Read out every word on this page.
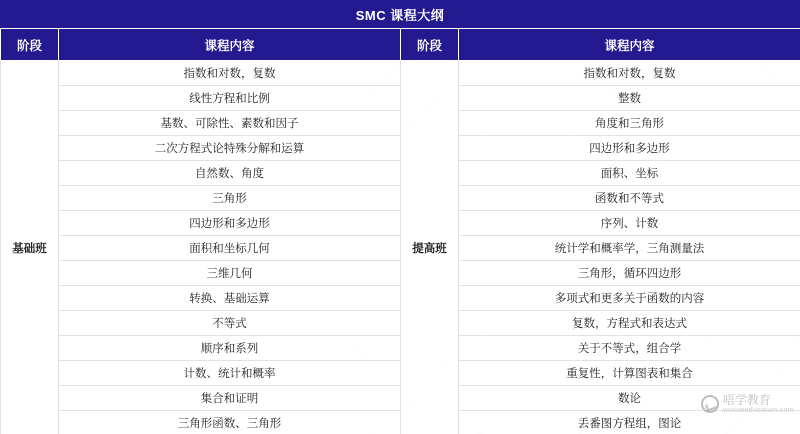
SMC 课程大纲
阶段	课程内容	阶段	课程内容
基础班	指数和对数，复数	提高班	指数和对数，复数
	线性方程和比例		整数
	基数、可除性、素数和因子		角度和三角形
	二次方程式论特殊分解和运算		四边形和多边形
	自然数、角度		面积、坐标
	三角形		函数和不等式
	四边形和多边形		序列、计数
	面积和坐标几何		统计学和概率学，三角测量法
	三维几何		三角形，循环四边形
	转换、基础运算		多项式和更多关于函数的内容
	不等式		复数，方程式和表达式
	顺序和系列		关于不等式，组合学
	计数、统计和概率		重复性，计算图表和集合
	集合和证明		数论
	三角形函数、三角形		丢番图方程组，图论
唔学教育
wuxueeducation.com
